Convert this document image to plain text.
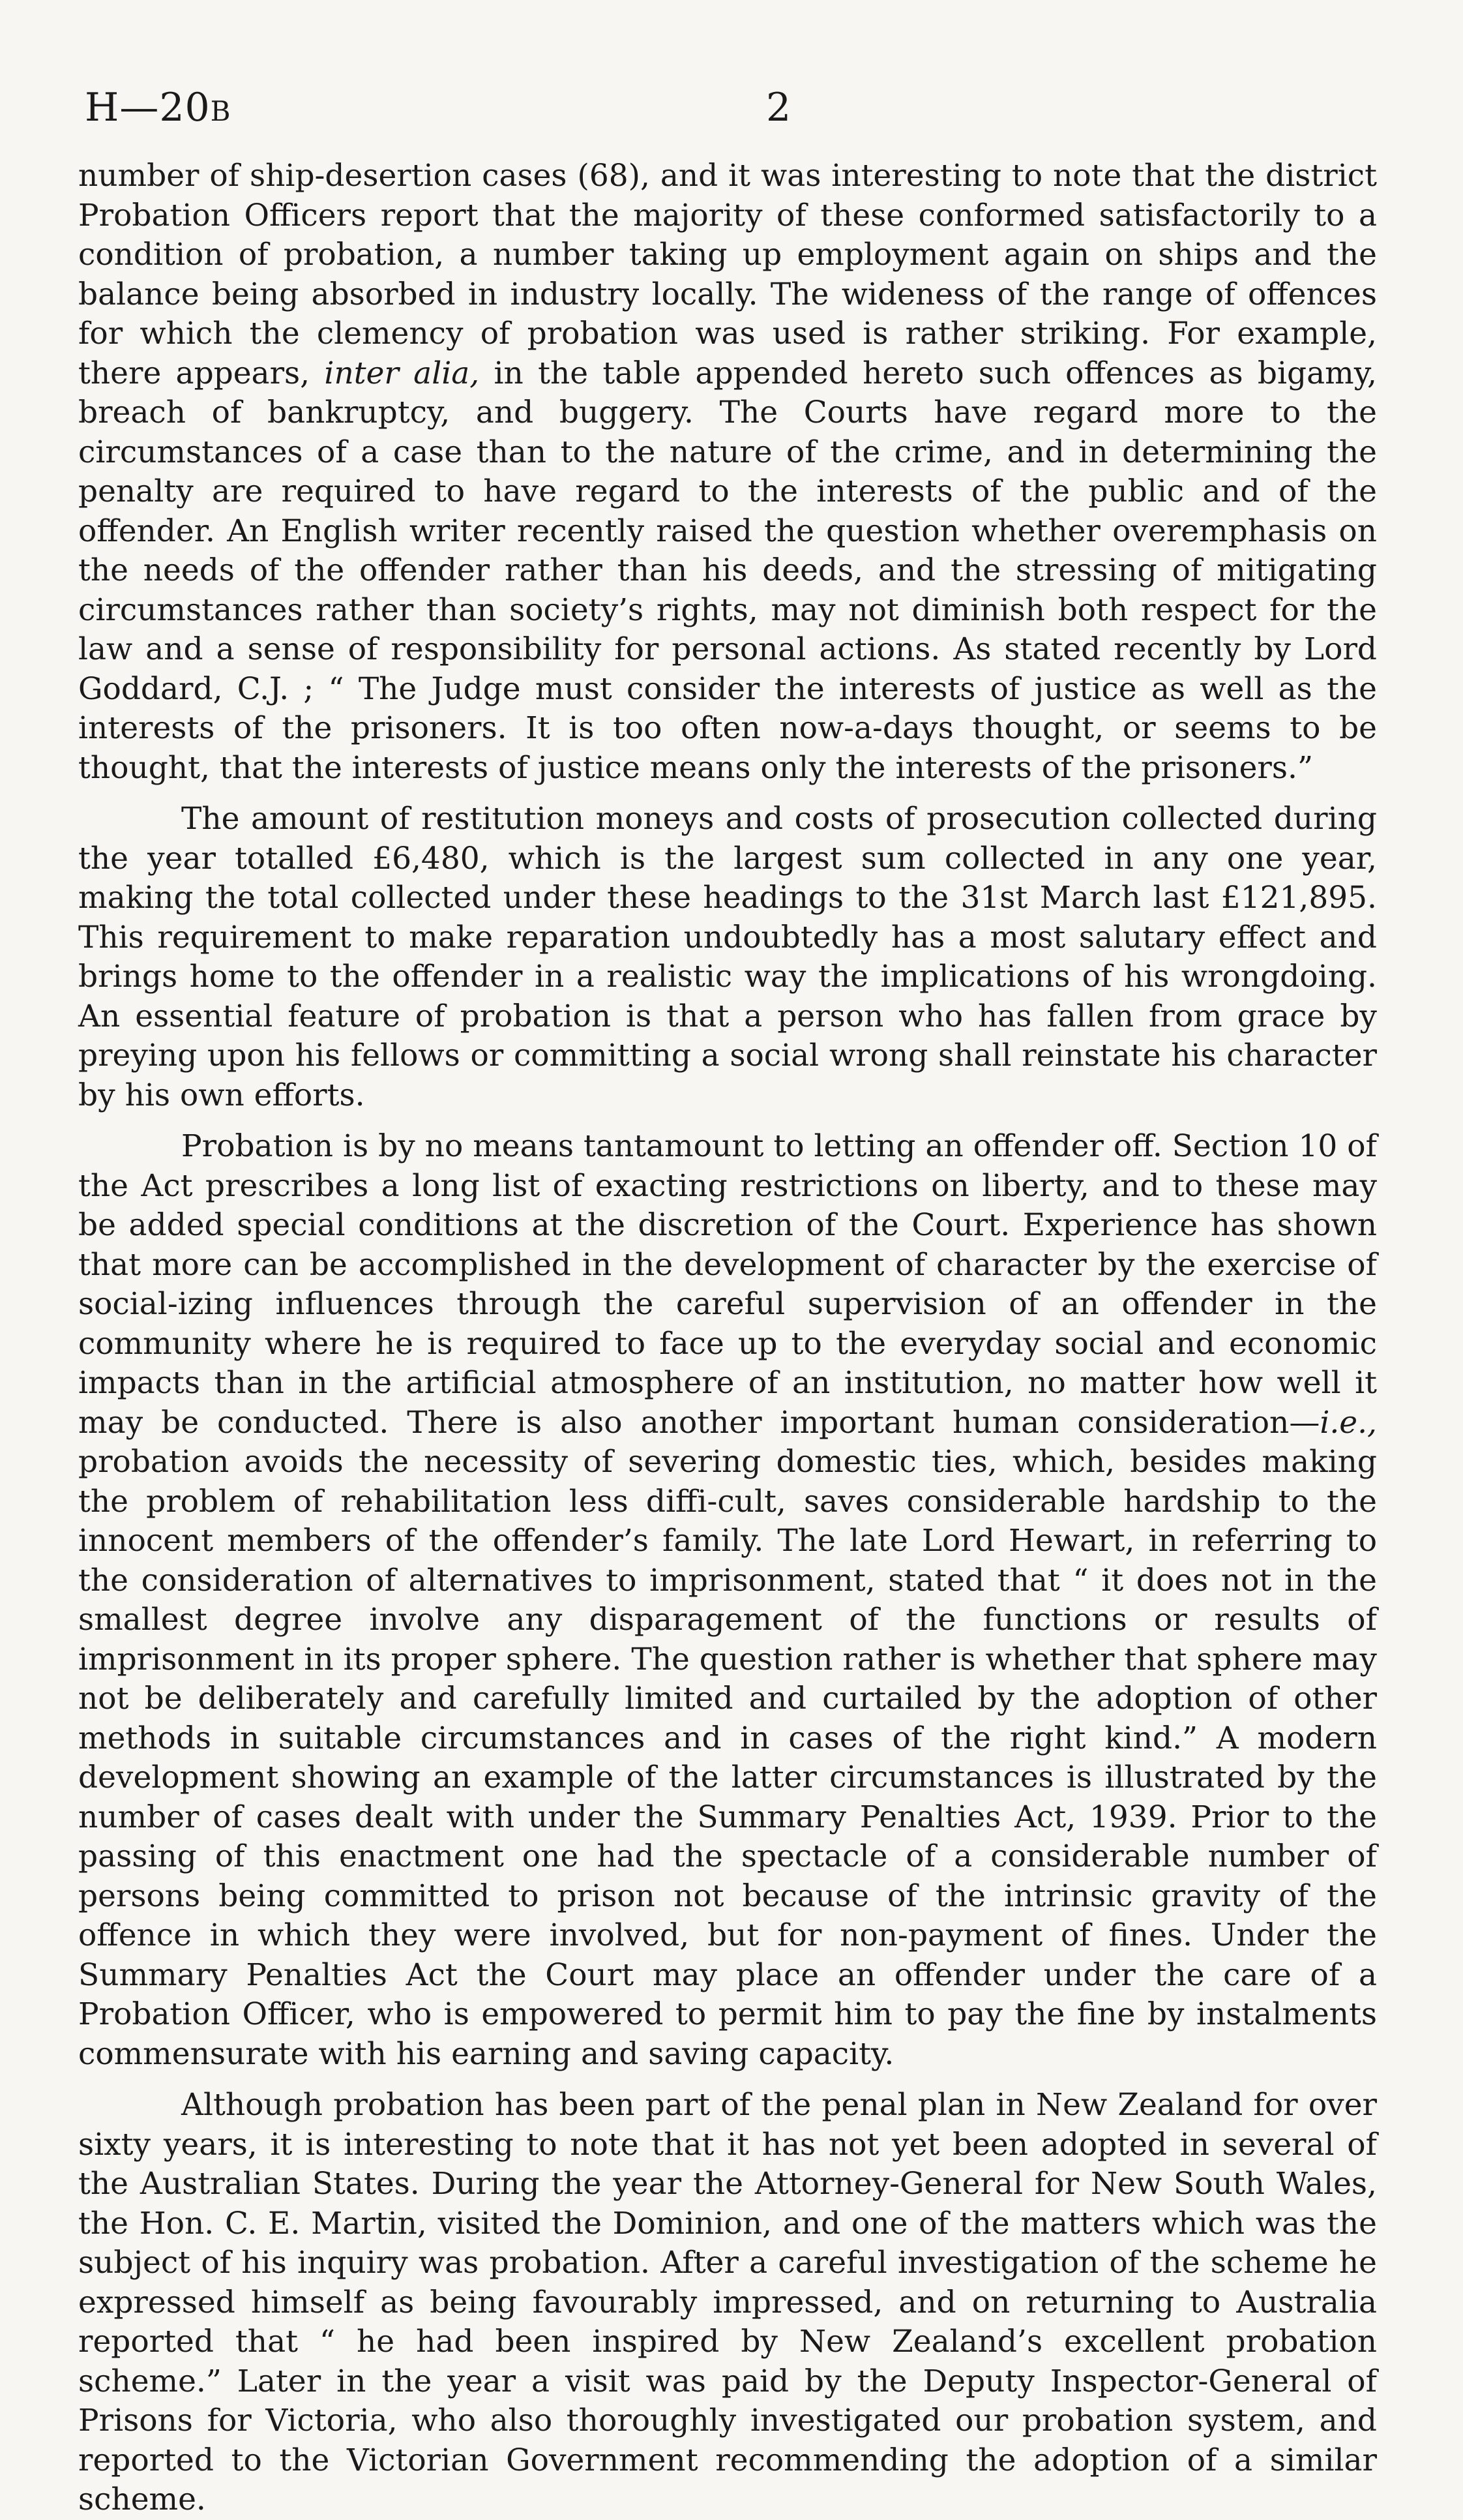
H—20B	2

number of ship-desertion cases (68), and it was interesting to note that the district Probation Officers report that the majority of these conformed satisfactorily to a condition of probation, a number taking up employment again on ships and the balance being absorbed in industry locally. The wideness of the range of offences for which the clemency of probation was used is rather striking. For example, there appears, inter alia, in the table appended hereto such offences as bigamy, breach of bankruptcy, and buggery. The Courts have regard more to the circumstances of a case than to the nature of the crime, and in determining the penalty are required to have regard to the interests of the public and of the offender. An English writer recently raised the question whether overemphasis on the needs of the offender rather than his deeds, and the stressing of mitigating circumstances rather than society’s rights, may not diminish both respect for the law and a sense of responsibility for personal actions. As stated recently by Lord Goddard, C.J. ; “ The Judge must consider the interests of justice as well as the interests of the prisoners. It is too often now-a-days thought, or seems to be thought, that the interests of justice means only the interests of the prisoners.”

The amount of restitution moneys and costs of prosecution collected during the year totalled £6,480, which is the largest sum collected in any one year, making the total collected under these headings to the 31st March last £121,895. This requirement to make reparation undoubtedly has a most salutary effect and brings home to the offender in a realistic way the implications of his wrongdoing. An essential feature of probation is that a person who has fallen from grace by preying upon his fellows or committing a social wrong shall reinstate his character by his own efforts.

Probation is by no means tantamount to letting an offender off. Section 10 of the Act prescribes a long list of exacting restrictions on liberty, and to these may be added special conditions at the discretion of the Court. Experience has shown that more can be accomplished in the development of character by the exercise of social-izing influences through the careful supervision of an offender in the community where he is required to face up to the everyday social and economic impacts than in the artificial atmosphere of an institution, no matter how well it may be conducted. There is also another important human consideration—i.e., probation avoids the necessity of severing domestic ties, which, besides making the problem of rehabilitation less diffi-cult, saves considerable hardship to the innocent members of the offender’s family. The late Lord Hewart, in referring to the consideration of alternatives to imprisonment, stated that “ it does not in the smallest degree involve any disparagement of the functions or results of imprisonment in its proper sphere. The question rather is whether that sphere may not be deliberately and carefully limited and curtailed by the adoption of other methods in suitable circumstances and in cases of the right kind.” A modern development showing an example of the latter circumstances is illustrated by the number of cases dealt with under the Summary Penalties Act, 1939. Prior to the passing of this enactment one had the spectacle of a considerable number of persons being committed to prison not because of the intrinsic gravity of the offence in which they were involved, but for non-payment of fines. Under the Summary Penalties Act the Court may place an offender under the care of a Probation Officer, who is empowered to permit him to pay the fine by instalments commensurate with his earning and saving capacity.

Although probation has been part of the penal plan in New Zealand for over sixty years, it is interesting to note that it has not yet been adopted in several of the Australian States. During the year the Attorney-General for New South Wales, the Hon. C. E. Martin, visited the Dominion, and one of the matters which was the subject of his inquiry was probation. After a careful investigation of the scheme he expressed himself as being favourably impressed, and on returning to Australia reported that “ he had been inspired by New Zealand’s excellent probation scheme.” Later in the year a visit was paid by the Deputy Inspector-General of Prisons for Victoria, who also thoroughly investigated our probation system, and reported to the Victorian Government recommending the adoption of a similar scheme.
